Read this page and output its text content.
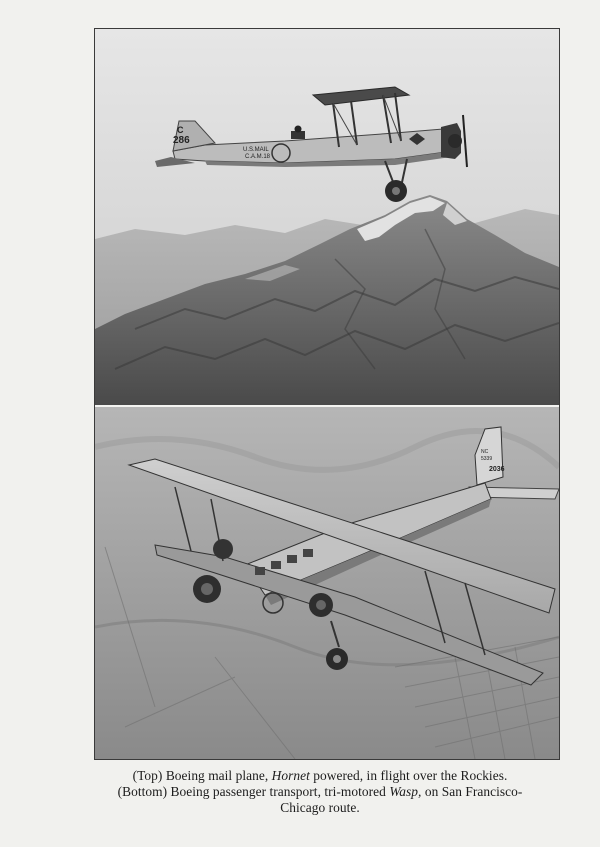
C
286
U.S.MAIL
C.A.M.18
NC
5339
2036

(Top) Boeing mail plane, Hornet powered, in flight over the Rockies.

(Bottom) Boeing passenger transport, tri-motored Wasp, on San Francisco-

Chicago route.
